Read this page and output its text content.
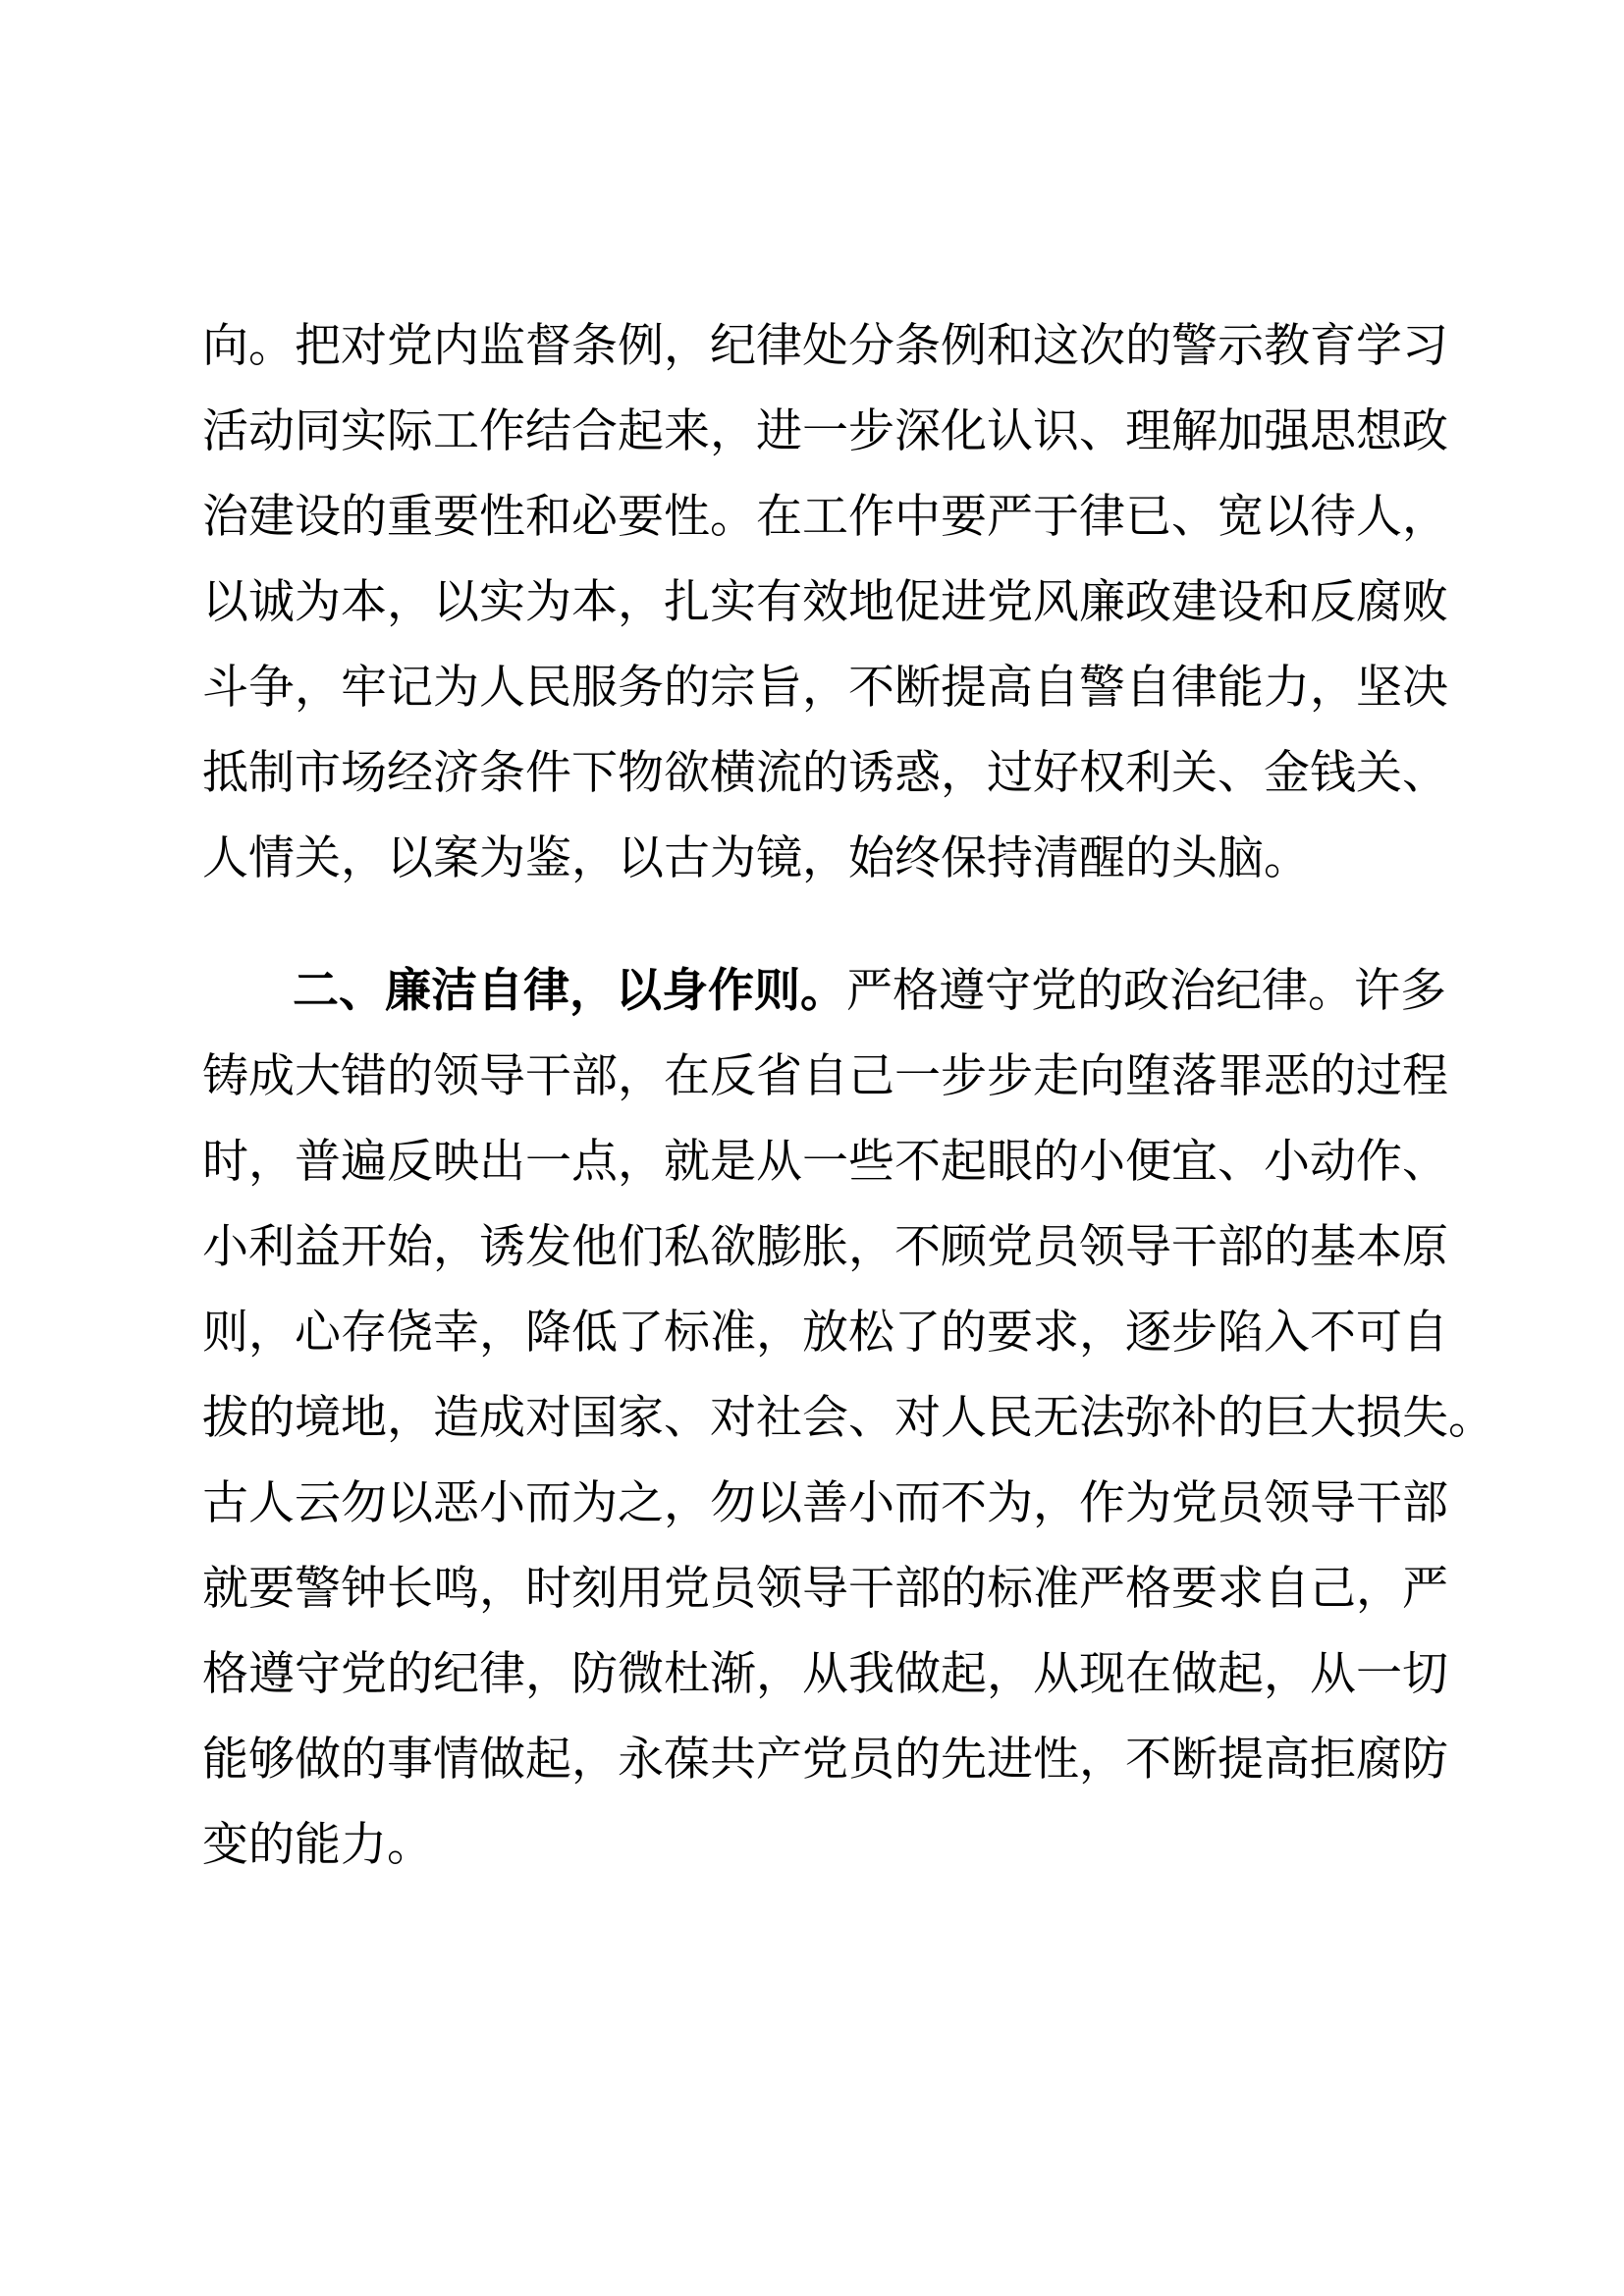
向。把对党内监督条例，纪律处分条例和这次的警示教育学习
活动同实际工作结合起来，进一步深化认识、理解加强思想政
治建设的重要性和必要性。在工作中要严于律已、宽以待人，
以诚为本，以实为本，扎实有效地促进党风廉政建设和反腐败
斗争，牢记为人民服务的宗旨，不断提高自警自律能力，坚决
抵制市场经济条件下物欲横流的诱惑，过好权利关、金钱关、
人情关，以案为鉴，以古为镜，始终保持清醒的头脑。
二、廉洁自律，以身作则。严格遵守党的政治纪律。许多
铸成大错的领导干部，在反省自己一步步走向堕落罪恶的过程
时，普遍反映出一点，就是从一些不起眼的小便宜、小动作、
小利益开始，诱发他们私欲膨胀，不顾党员领导干部的基本原
则，心存侥幸，降低了标准，放松了的要求，逐步陷入不可自
拔的境地，造成对国家、对社会、对人民无法弥补的巨大损失。
古人云勿以恶小而为之，勿以善小而不为，作为党员领导干部
就要警钟长鸣，时刻用党员领导干部的标准严格要求自己，严
格遵守党的纪律，防微杜渐，从我做起，从现在做起，从一切
能够做的事情做起，永葆共产党员的先进性，不断提高拒腐防
变的能力。
